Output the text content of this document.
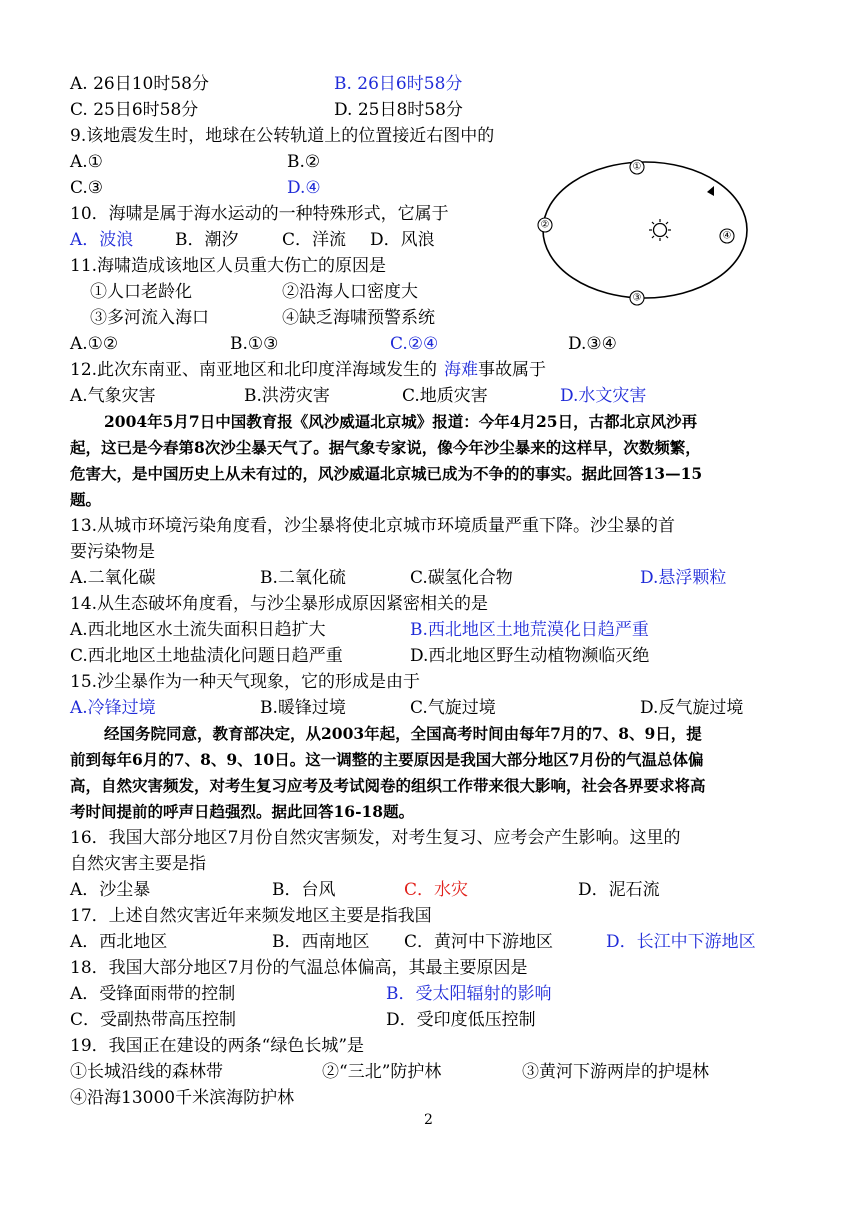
A. 26日10时58分	B. 26日6时58分
C. 25日6时58分	D. 25日8时58分
9.该地震发生时，地球在公转轨道上的位置接近右图中的
A.①	B.②
C.③	D.④
10．海啸是属于海水运动的一种特殊形式，它属于
A．波浪 B．潮汐	C．洋流 D．风浪
11.海啸造成该地区人员重大伤亡的原因是
①人口老龄化	②沿海人口密度大
③多河流入海口	④缺乏海啸预警系统
A.①②	B.①③	C.②④	D.③④
12.此次东南亚、南亚地区和北印度洋海域发生的 海难 事故属于
A.气象灾害	B.洪涝灾害	C.地质灾害	D.水文灾害
2004年5月7日中国教育报《风沙威逼北京城》报道：今年4月25日，古都北京风沙再
起，这已是今春第8次沙尘暴天气了。据气象专家说，像今年沙尘暴来的这样早，次数频繁，
危害大，是中国历史上从未有过的，风沙威逼北京城已成为不争的的事实。据此回答13—15
题。
13.从城市环境污染角度看，沙尘暴将使北京城市环境质量严重下降。沙尘暴的首
要污染物是
A.二氧化碳	B.二氧化硫	C.碳氢化合物	D.悬浮颗粒
14.从生态破坏角度看，与沙尘暴形成原因紧密相关的是
A.西北地区水土流失面积日趋扩大	B.西北地区土地荒漠化日趋严重
C.西北地区土地盐渍化问题日趋严重	D.西北地区野生动植物濒临灭绝
15.沙尘暴作为一种天气现象，它的形成是由于
A.冷锋过境	B.暖锋过境	C.气旋过境	D.反气旋过境
经国务院同意，教育部决定，从2003年起，全国高考时间由每年7月的7、8、9日，提
前到每年6月的7、8、9、10日。这一调整的主要原因是我国大部分地区7月份的气温总体偏
高，自然灾害频发，对考生复习应考及考试阅卷的组织工作带来很大影响，社会各界要求将高
考时间提前的呼声日趋强烈。据此回答16-18题。
16．我国大部分地区7月份自然灾害频发，对考生复习、应考会产生影响。这里的
自然灾害主要是指
A．沙尘暴	B．台风	C．水灾	D．泥石流
17．上述自然灾害近年来频发地区主要是指我国
A．西北地区	B．西南地区 C．黄河中下游地区	D．长江中下游地区
18．我国大部分地区7月份的气温总体偏高，其最主要原因是
A．受锋面雨带的控制	B．受太阳辐射的影响
C．受副热带高压控制	D．受印度低压控制
19．我国正在建设的两条“绿色长城”是
①长城沿线的森林带	②“三北”防护林	③黄河下游两岸的护堤林
④沿海13000千米滨海防护林
①
②
③
④
2
